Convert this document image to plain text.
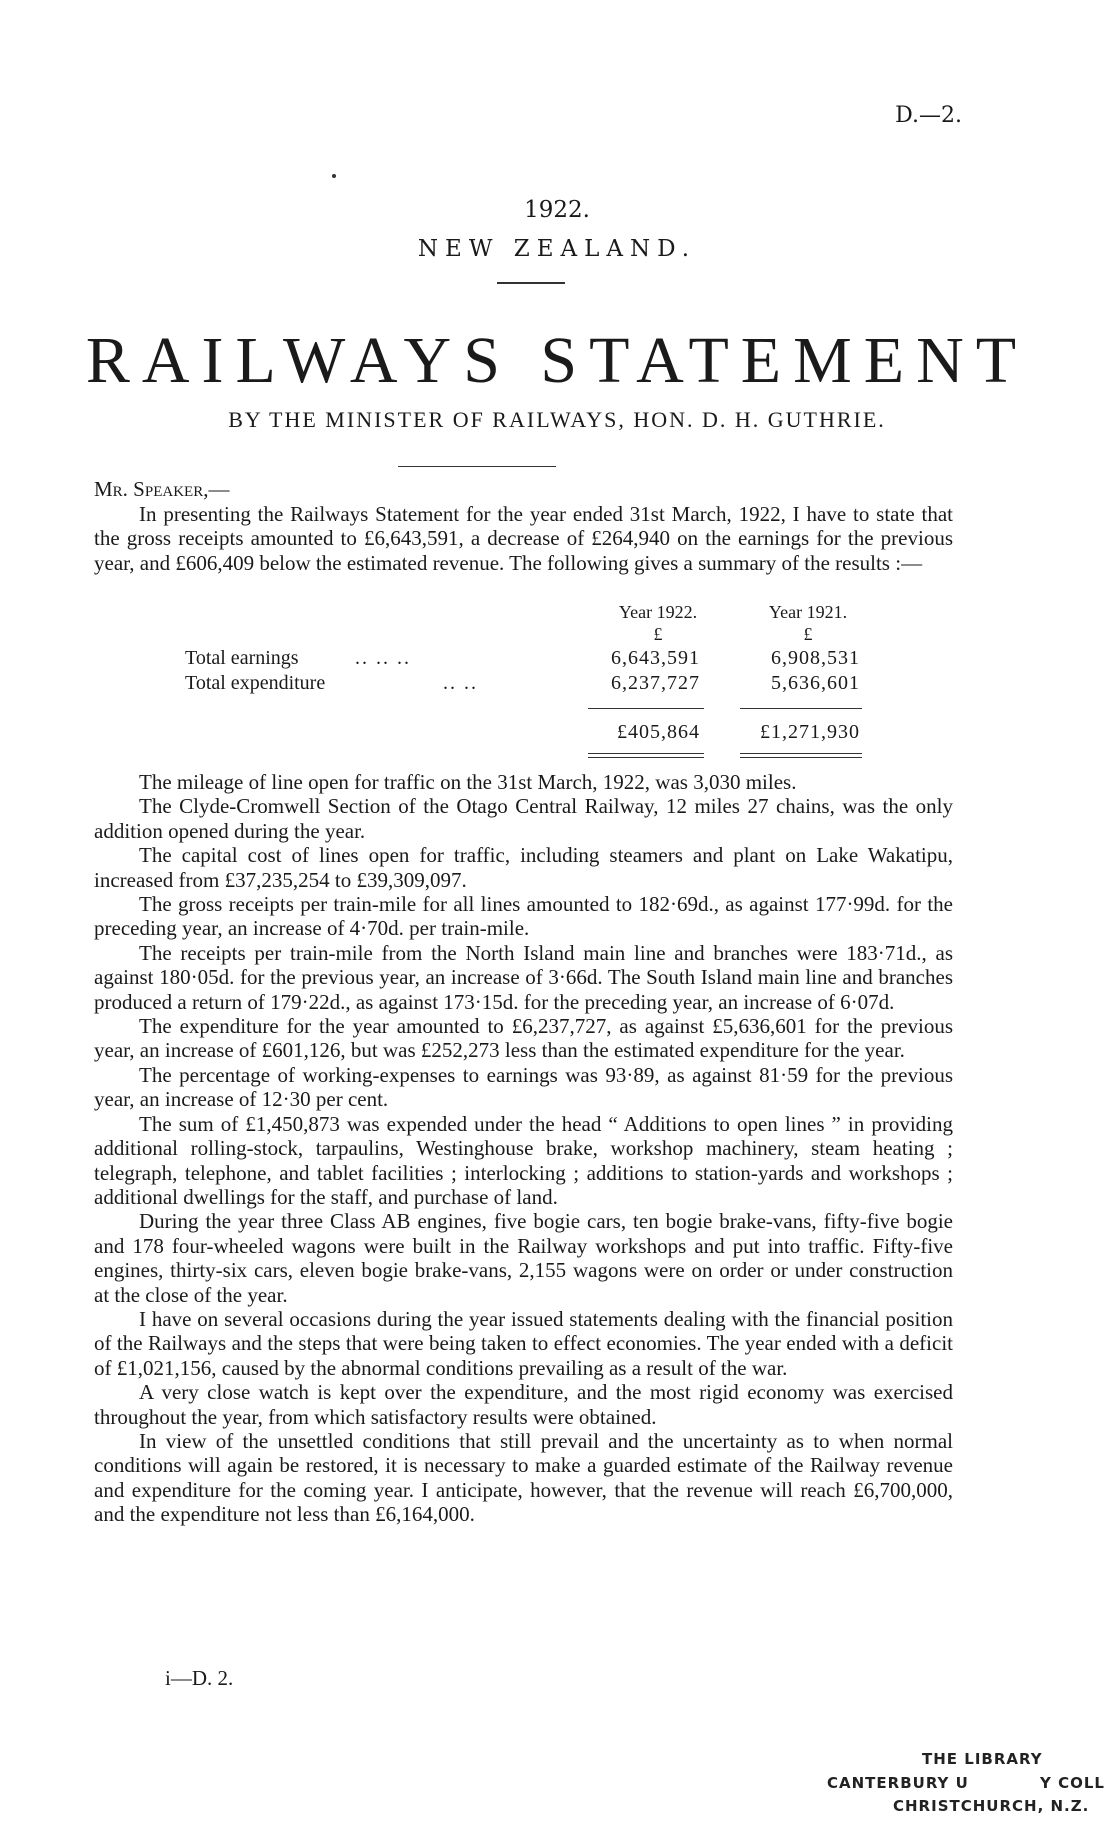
D.—2.
1922.
NEW ZEALAND.
RAILWAYS STATEMENT
BY THE MINISTER OF RAILWAYS, HON. D. H. GUTHRIE.
Mr. Speaker,—

In presenting the Railways Statement for the year ended 31st March, 1922, I have to state that the gross receipts amounted to £6,643,591, a decrease of £264,940 on the earnings for the previous year, and £606,409 below the estimated revenue. The following gives a summary of the results :—

Year 1922.	Year 1921.
£	£
Total earnings	.. .. ..	6,643,591	6,908,531
Total expenditure	.. ..	6,237,727	5,636,601
£405,864	£1,271,930

The mileage of line open for traffic on the 31st March, 1922, was 3,030 miles.

The Clyde-Cromwell Section of the Otago Central Railway, 12 miles 27 chains, was the only addition opened during the year.

The capital cost of lines open for traffic, including steamers and plant on Lake Wakatipu, increased from £37,235,254 to £39,309,097.

The gross receipts per train-mile for all lines amounted to 182·69d., as against 177·99d. for the preceding year, an increase of 4·70d. per train-mile.

The receipts per train-mile from the North Island main line and branches were 183·71d., as against 180·05d. for the previous year, an increase of 3·66d. The South Island main line and branches produced a return of 179·22d., as against 173·15d. for the preceding year, an increase of 6·07d.

The expenditure for the year amounted to £6,237,727, as against £5,636,601 for the previous year, an increase of £601,126, but was £252,273 less than the estimated expenditure for the year.

The percentage of working-expenses to earnings was 93·89, as against 81·59 for the previous year, an increase of 12·30 per cent.

The sum of £1,450,873 was expended under the head “ Additions to open lines ” in providing additional rolling-stock, tarpaulins, Westinghouse brake, workshop machinery, steam heating ; telegraph, telephone, and tablet facilities ; interlocking ; additions to station-yards and workshops ; additional dwellings for the staff, and purchase of land.

During the year three Class AB engines, five bogie cars, ten bogie brake-vans, fifty-five bogie and 178 four-wheeled wagons were built in the Railway workshops and put into traffic. Fifty-five engines, thirty-six cars, eleven bogie brake-vans, 2,155 wagons were on order or under construction at the close of the year.

I have on several occasions during the year issued statements dealing with the financial position of the Railways and the steps that were being taken to effect economies. The year ended with a deficit of £1,021,156, caused by the abnormal conditions prevailing as a result of the war.

A very close watch is kept over the expenditure, and the most rigid economy was exercised throughout the year, from which satisfactory results were obtained.

In view of the unsettled conditions that still prevail and the uncertainty as to when normal conditions will again be restored, it is necessary to make a guarded estimate of the Railway revenue and expenditure for the coming year. I anticipate, however, that the revenue will reach £6,700,000, and the expenditure not less than £6,164,000.

i—D. 2.
THE LIBRARY
CANTERBURY U	Y COLL
CHRISTCHURCH, N.Z.
